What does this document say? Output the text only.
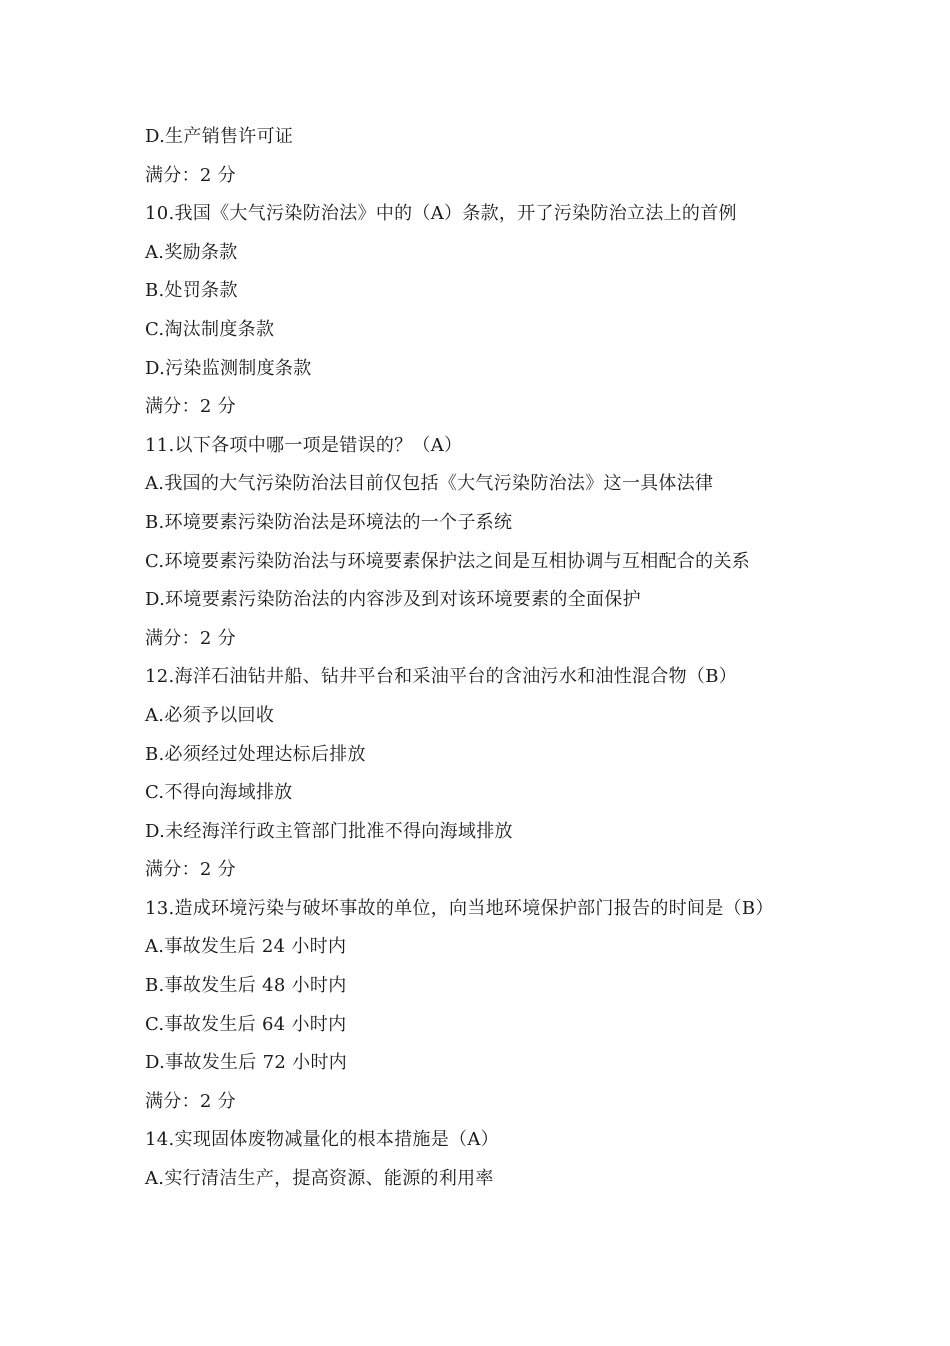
D.生产销售许可证
满分：2 分
10.我国《大气污染防治法》中的（A）条款，开了污染防治立法上的首例
A.奖励条款
B.处罚条款
C.淘汰制度条款
D.污染监测制度条款
满分：2 分
11.以下各项中哪一项是错误的？（A）
A.我国的大气污染防治法目前仅包括《大气污染防治法》这一具体法律
B.环境要素污染防治法是环境法的一个子系统
C.环境要素污染防治法与环境要素保护法之间是互相协调与互相配合的关系
D.环境要素污染防治法的内容涉及到对该环境要素的全面保护
满分：2 分
12.海洋石油钻井船、钻井平台和采油平台的含油污水和油性混合物（B）
A.必须予以回收
B.必须经过处理达标后排放
C.不得向海域排放
D.未经海洋行政主管部门批准不得向海域排放
满分：2 分
13.造成环境污染与破坏事故的单位，向当地环境保护部门报告的时间是（B）
A.事故发生后 24 小时内
B.事故发生后 48 小时内
C.事故发生后 64 小时内
D.事故发生后 72 小时内
满分：2 分
14.实现固体废物减量化的根本措施是（A）
A.实行清洁生产，提高资源、能源的利用率
